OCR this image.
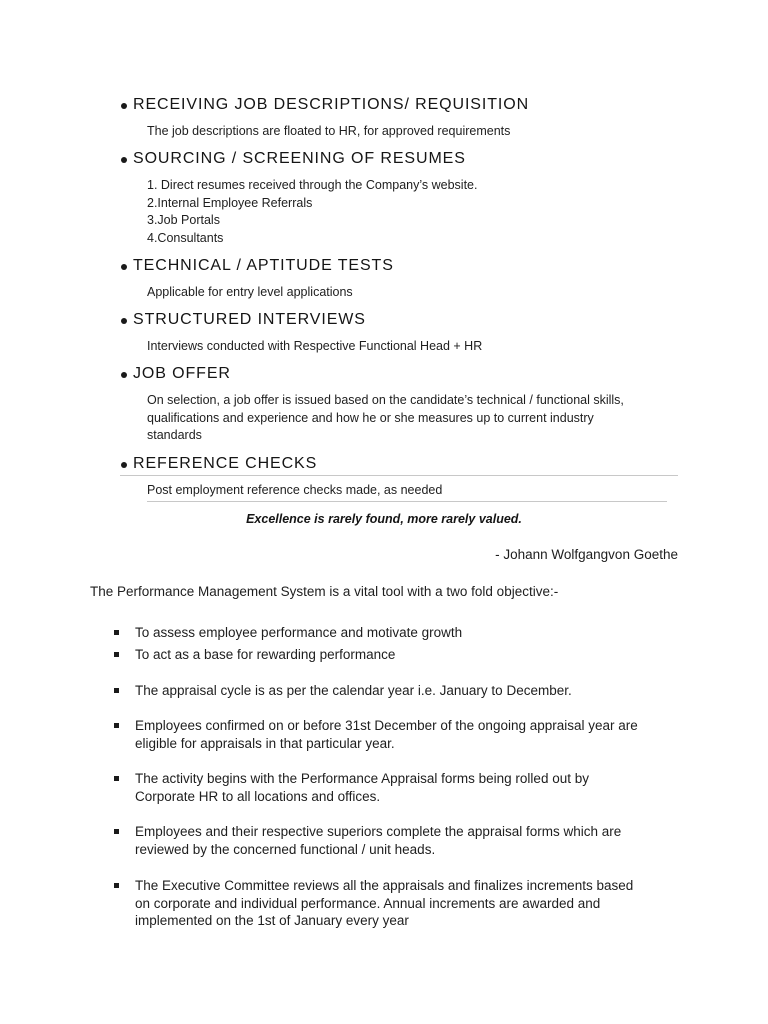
RECEIVING JOB DESCRIPTIONS/ REQUISITION
The job descriptions are floated to HR, for approved requirements
SOURCING / SCREENING OF RESUMES
1. Direct resumes received through the Company’s website.
2.Internal Employee Referrals
3.Job Portals
4.Consultants
TECHNICAL / APTITUDE TESTS
Applicable for entry level applications
STRUCTURED INTERVIEWS
Interviews conducted with Respective Functional Head + HR
JOB OFFER
On selection, a job offer is issued based on the candidate’s technical / functional skills,
qualifications and experience and how he or she measures up to current industry
standards
REFERENCE CHECKS
Post employment reference checks made, as needed
Excellence is rarely found, more rarely valued.
- Johann Wolfgangvon Goethe
The Performance Management System is a vital tool with a two fold objective:-
To assess employee performance and motivate growth
To act as a base for rewarding performance
The appraisal cycle is as per the calendar year i.e. January to December.
Employees confirmed on or before 31st December of the ongoing appraisal year are
eligible for appraisals in that particular year.
The activity begins with the Performance Appraisal forms being rolled out by
Corporate HR to all locations and offices.
Employees and their respective superiors complete the appraisal forms which are
reviewed by the concerned functional / unit heads.
The Executive Committee reviews all the appraisals and finalizes increments based
on corporate and individual performance. Annual increments are awarded and
implemented on the 1st of January every year
